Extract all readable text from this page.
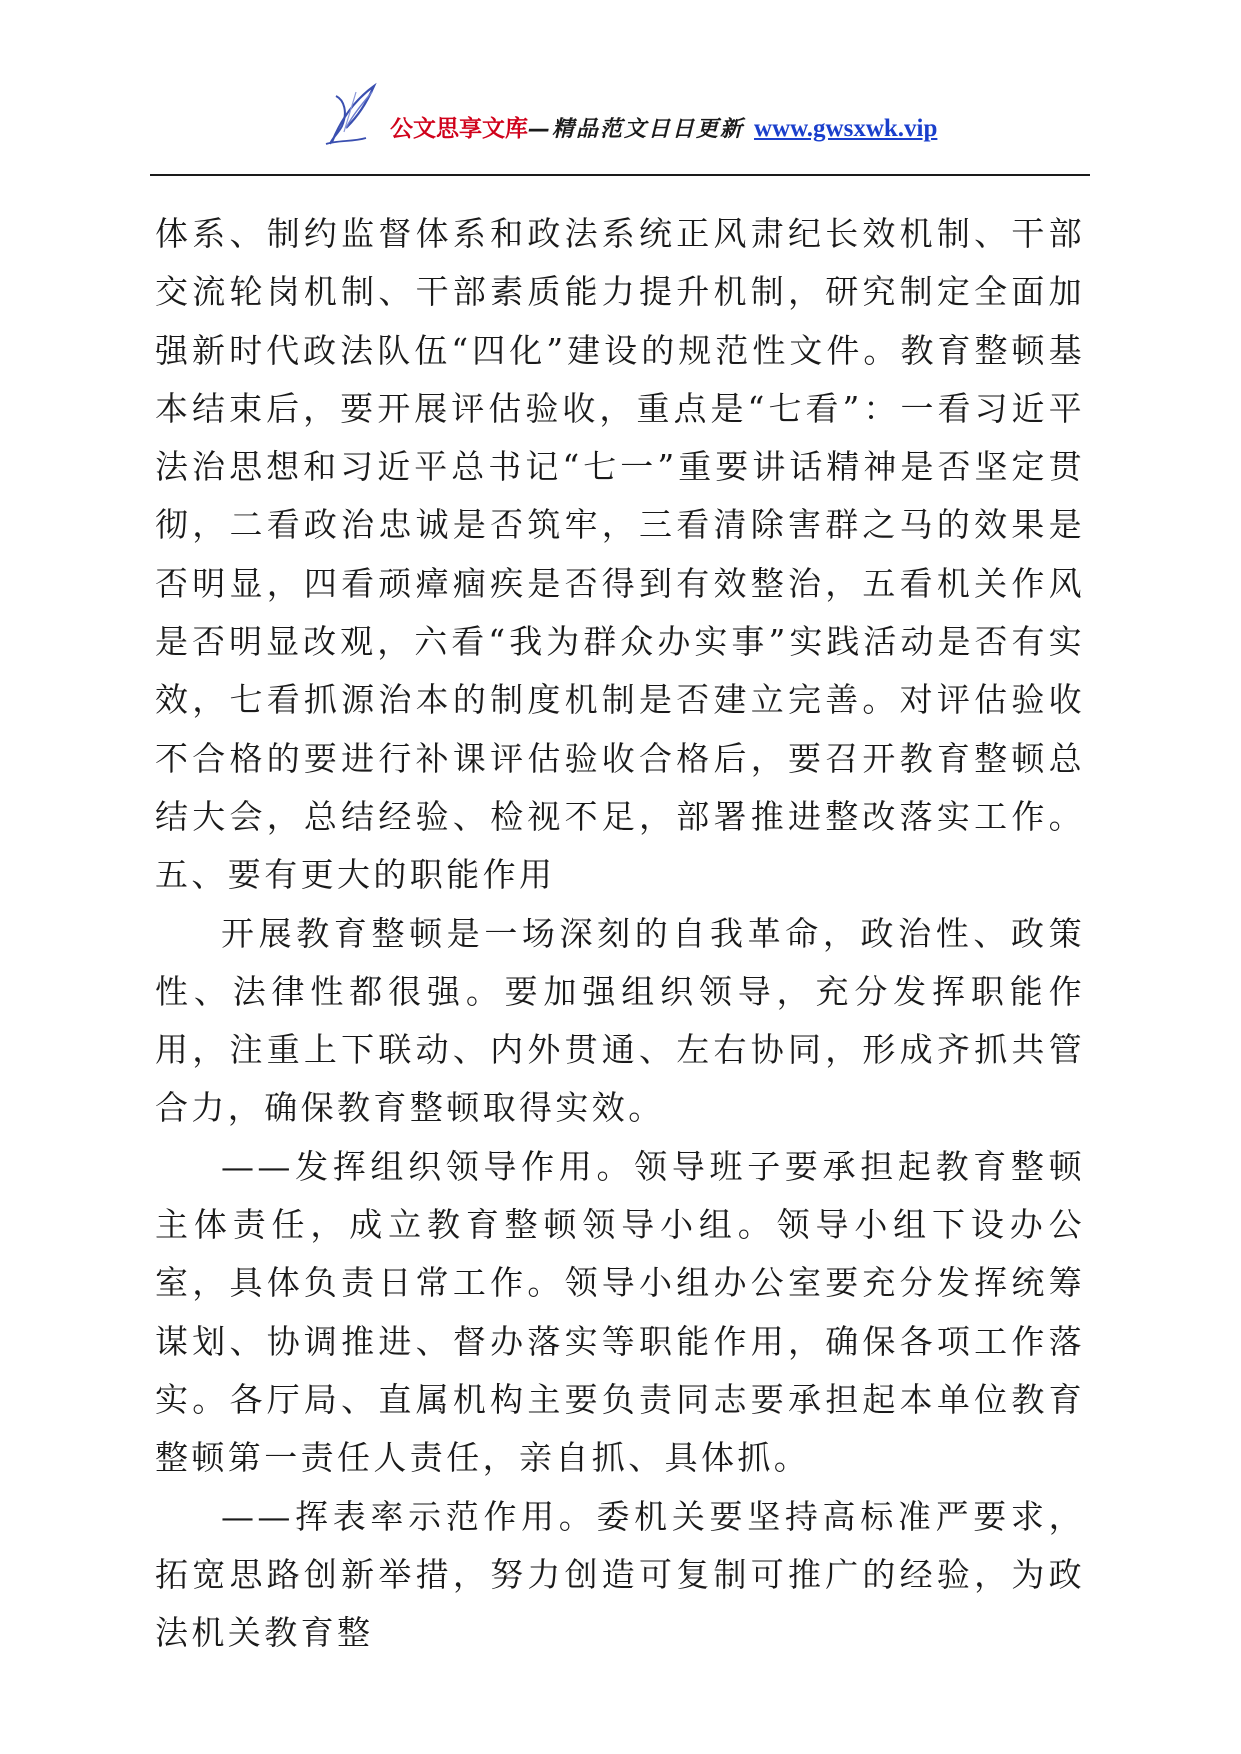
公文思享文库—精品范文日日更新 www.gwsxwk.vip

体系、制约监督体系和政法系统正风肃纪长效机制、干部交流轮岗机制、干部素质能力提升机制，研究制定全面加强新时代政法队伍“四化”建设的规范性文件。教育整顿基本结束后，要开展评估验收，重点是“七看”：一看习近平法治思想和习近平总书记“七一”重要讲话精神是否坚定贯彻，二看政治忠诚是否筑牢，三看清除害群之马的效果是否明显，四看顽瘴痼疾是否得到有效整治，五看机关作风是否明显改观，六看“我为群众办实事”实践活动是否有实效，七看抓源治本的制度机制是否建立完善。对评估验收不合格的要进行补课评估验收合格后，要召开教育整顿总结大会，总结经验、检视不足，部署推进整改落实工作。五、要有更大的职能作用

开展教育整顿是一场深刻的自我革命，政治性、政策性、法律性都很强。要加强组织领导，充分发挥职能作用，注重上下联动、内外贯通、左右协同，形成齐抓共管合力，确保教育整顿取得实效。

——发挥组织领导作用。领导班子要承担起教育整顿主体责任，成立教育整顿领导小组。领导小组下设办公室，具体负责日常工作。领导小组办公室要充分发挥统筹谋划、协调推进、督办落实等职能作用，确保各项工作落实。各厅局、直属机构主要负责同志要承担起本单位教育整顿第一责任人责任，亲自抓、具体抓。

——挥表率示范作用。委机关要坚持高标准严要求，拓宽思路创新举措，努力创造可复制可推广的经验，为政法机关教育整
